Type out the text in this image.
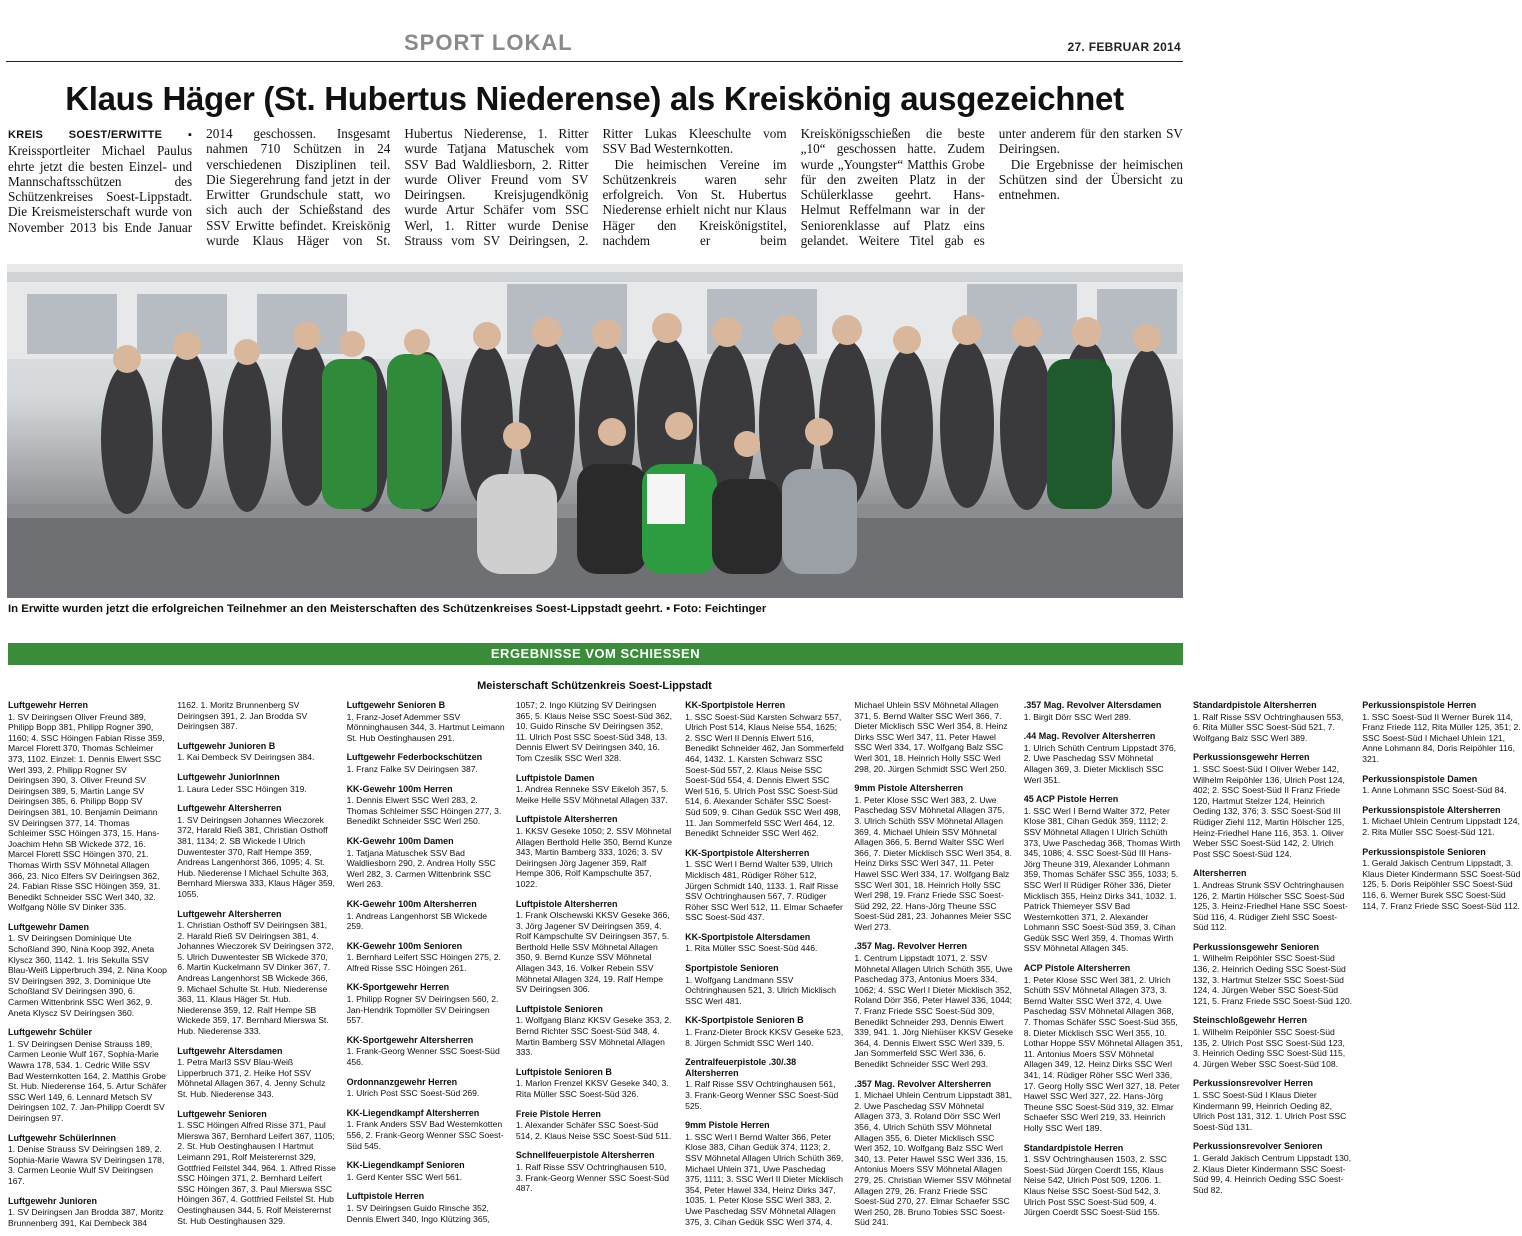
SPORT LOKAL	27. FEBRUAR 2014
Klaus Häger (St. Hubertus Niederense) als Kreiskönig ausgezeichnet

KREIS SOEST/ERWITTE ▪ Kreissportleiter Michael Paulus ehrte jetzt die besten Einzel- und Mannschaftsschützen des Schützenkreises Soest-Lippstadt. Die Kreismeisterschaft wurde von November 2013 bis Ende Januar 2014 geschossen. Insgesamt nahmen 710 Schützen in 24 verschiedenen Disziplinen teil. Die Siegerehrung fand jetzt in der Erwitter Grundschule statt, wo sich auch der Schießstand des SSV Erwitte befindet. Kreiskönig wurde Klaus Häger von St. Hubertus Niederense, 1. Ritter wurde Tatjana Matuschek vom SSV Bad Waldliesborn, 2. Ritter wurde Oliver Freund vom SV Deiringsen. Kreisjugendkönig wurde Artur Schäfer vom SSC Werl, 1. Ritter wurde Denise Strauss vom SV Deiringsen, 2. Ritter Lukas Kleeschulte vom SSV Bad Westernkotten.

Die heimischen Vereine im Schützenkreis waren sehr erfolgreich. Von St. Hubertus Niederense erhielt nicht nur Klaus Häger den Kreiskönigstitel, nachdem er beim Kreiskönigsschießen die beste „10“ geschossen hatte. Zudem wurde „Youngster“ Matthis Grobe für den zweiten Platz in der Schülerklasse geehrt. Hans-Helmut Reffelmann war in der Seniorenklasse auf Platz eins gelandet. Weitere Titel gab es unter anderem für den starken SV Deiringsen.

Die Ergebnisse der heimischen Schützen sind der Übersicht zu entnehmen.

In Erwitte wurden jetzt die erfolgreichen Teilnehmer an den Meisterschaften des Schützenkreises Soest-Lippstadt geehrt. ▪ Foto: Feichtinger
ERGEBNISSE VOM SCHIESSEN
Meisterschaft Schützenkreis Soest-Lippstadt
Luftgewehr Herren

1. SV Deiringsen Oliver Freund 389, Philipp Bopp 381, Philipp Rogner 390, 1160; 4. SSC Höingen Fabian Risse 359, Marcel Florett 370, Thomas Schleimer 373, 1102. Einzel: 1. Dennis Elwert SSC Werl 393, 2. Philipp Rogner SV Deiringsen 390, 3. Oliver Freund SV Deiringsen 389, 5. Martin Lange SV Deiringsen 385, 6. Philipp Bopp SV Deiringsen 381, 10. Benjamin Deimann SV Deiringsen 377, 14. Thomas Schleimer SSC Höingen 373, 15. Hans-Joachim Hehn SB Wickede 372, 16. Marcel Florett SSC Höingen 370, 21. Thomas Wirth SSV Möhnetal Allagen 366, 23. Nico Elfers SV Deiringsen 362, 24. Fabian Risse SSC Höingen 359, 31. Benedikt Schneider SSC Werl 340, 32. Wolfgang Nölle SV Dinker 335.

Luftgewehr Damen

1. SV Deiringsen Dominique Ute Schoßland 390, Nina Koop 392, Aneta Klyscz 360, 1142. 1. Iris Sekulla SSV Blau-Weiß Lipperbruch 394, 2. Nina Koop SV Deiringsen 392, 3. Dominique Ute Schoßland SV Deiringsen 390, 6. Carmen Wittenbrink SSC Werl 362, 9. Aneta Klyscz SV Deiringsen 360.

Luftgewehr Schüler

1. SV Deiringsen Denise Strauss 189, Carmen Leonie Wulf 167, Sophia-Marie Wawra 178, 534. 1. Cedric Wille SSV Bad Westernkotten 164, 2. Matthis Grobe St. Hub. Niederense 164, 5. Artur Schäfer SSC Werl 149, 6. Lennard Metsch SV Deiringsen 102, 7. Jan-Philipp Coerdt SV Deiringsen 97.

Luftgewehr SchülerInnen

1. Denise Strauss SV Deiringsen 189, 2. Sophia-Marie Wawra SV Deiringsen 178, 3. Carmen Leonie Wulf SV Deiringsen 167.

Luftgewehr Junioren

1. SV Deiringsen Jan Brodda 387, Moritz Brunnenberg 391, Kai Dembeck 384 1162. 1. Moritz Brunnenberg SV Deiringsen 391, 2. Jan Brodda SV Deiringsen 387.

Luftgewehr Junioren B

1. Kai Dembeck SV Deiringsen 384.

Luftgewehr JuniorInnen

1. Laura Leder SSC Höingen 319.

Luftgewehr Altersherren

1. SV Deiringsen Johannes Wieczorek 372, Harald Rieß 381, Christian Osthoff 381, 1134; 2. SB Wickede I Ulrich Duwentester 370, Ralf Hempe 359, Andreas Langenhorst 366, 1095; 4. St. Hub. Niederense I Michael Schulte 363, Bernhard Mierswa 333, Klaus Häger 359, 1055.

Luftgewehr Altersherren

1. Christian Osthoff SV Deiringsen 381, 2. Harald Rieß SV Deiringsen 381, 4. Johannes Wieczorek SV Deiringsen 372, 5. Ulrich Duwentester SB Wickede 370, 6. Martin Kuckelmann SV Dinker 367, 7. Andreas Langenhorst SB Wickede 366, 9. Michael Schulte St. Hub. Niederense 363, 11. Klaus Häger St. Hub. Niederense 359, 12. Ralf Hempe SB Wickede 359, 17. Bernhard Mierswa St. Hub. Niederense 333.

Luftgewehr Altersdamen

1. Petra Marl3 SSV Blau-Weiß Lipperbruch 371, 2. Heike Hof SSV Möhnetal Allagen 367, 4. Jenny Schulz St. Hub. Niederense 343.

Luftgewehr Senioren

1. SSC Höingen Alfred Risse 371, Paul Mierswa 367, Bernhard Leifert 367, 1105; 2. St. Hub Oestinghausen I Hartmut Leimann 291, Rolf Meisterernst 329, Gottfried Feilstel 344, 964. 1. Alfred Risse SSC Höingen 371, 2. Bernhard Leifert SSC Höingen 367, 3. Paul Mierswa SSC Höingen 367, 4. Gottfried Feilstel St. Hub Oestinghausen 344, 5. Rolf Meisterernst St. Hub Oestinghausen 329.

Luftgewehr Senioren B

1. Franz-Josef Ademmer SSV Mönninghausen 344, 3. Hartmut Leimann St. Hub Oestinghausen 291.

Luftgewehr Federbockschützen

1. Franz Falke SV Deiringsen 387.

KK-Gewehr 100m Herren

1. Dennis Elwert SSC Werl 283, 2. Thomas Schleimer SSC Höingen 277, 3. Benedikt Schneider SSC Werl 250.

KK-Gewehr 100m Damen

1. Tatjana Matuschek SSV Bad Waldliesborn 290, 2. Andrea Holly SSC Werl 282, 3. Carmen Wittenbrink SSC Werl 263.

KK-Gewehr 100m Altersherren

1. Andreas Langenhorst SB Wickede 259.

KK-Gewehr 100m Senioren

1. Bernhard Leifert SSC Höingen 275, 2. Alfred Risse SSC Höingen 261.

KK-Sportgewehr Herren

1. Philipp Rogner SV Deiringsen 560, 2. Jan-Hendrik Topmöller SV Deiringsen 557.

KK-Sportgewehr Altersherren

1. Frank-Georg Wenner SSC Soest-Süd 456.

Ordonnanzgewehr Herren

1. Ulrich Post SSC Soest-Süd 269.

KK-Liegendkampf Altersherren

1. Frank Anders SSV Bad Westernkotten 556, 2. Frank-Georg Wenner SSC Soest-Süd 545.

KK-Liegendkampf Senioren

1. Gerd Kenter SSC Werl 561.

Luftpistole Herren

1. SV Deiringsen Guido Rinsche 352, Dennis Elwert 340, Ingo Klützing 365, 1057; 2. Ingo Klützing SV Deiringsen 365, 5. Klaus Neise SSC Soest-Süd 362, 10. Guido Rinsche SV Deiringsen 352, 11. Ulrich Post SSC Soest-Süd 348, 13. Dennis Elwert SV Deiringsen 340, 16. Tom Czeslik SSC Werl 328.

Luftpistole Damen

1. Andrea Renneke SSV Eikeloh 357, 5. Meike Helle SSV Möhnetal Allagen 337.

Luftpistole Altersherren

1. KKSV Geseke 1050; 2. SSV Möhnetal Allagen Berthold Helle 350, Bernd Kunze 343, Martin Bamberg 333, 1026; 3. SV Deiringsen Jörg Jagener 359, Ralf Hempe 306, Rolf Kampschulte 357, 1022.

Luftpistole Altersherren

1. Frank Olschewski KKSV Geseke 366, 3. Jörg Jagener SV Deiringsen 359, 4. Rolf Kampschulte SV Deiringsen 357, 5. Berthold Helle SSV Möhnetal Allagen 350, 9. Bernd Kunze SSV Möhnetal Allagen 343, 16. Volker Rebein SSV Möhnetal Allagen 324, 19. Ralf Hempe SV Deiringsen 306.

Luftpistole Senioren

1. Wolfgang Blanz KKSV Geseke 353, 2. Bernd Richter SSC Soest-Süd 348, 4. Martin Bamberg SSV Möhnetal Allagen 333.

Luftpistole Senioren B

1. Marlon Frenzel KKSV Geseke 340, 3. Rita Müller SSC Soest-Süd 326.

Freie Pistole Herren

1. Alexander Schäfer SSC Soest-Süd 514, 2. Klaus Neise SSC Soest-Süd 511.

Schnellfeuerpistole Altersherren

1. Ralf Risse SSV Ochtringhausen 510, 3. Frank-Georg Wenner SSC Soest-Süd 487.

KK-Sportpistole Herren

1. SSC Soest-Süd Karsten Schwarz 557, Ulrich Post 514, Klaus Neise 554, 1625; 2. SSC Werl II Dennis Elwert 516, Benedikt Schneider 462, Jan Sommerfeld 464, 1432. 1. Karsten Schwarz SSC Soest-Süd 557, 2. Klaus Neise SSC Soest-Süd 554, 4. Dennis Elwert SSC Werl 516, 5. Ulrich Post SSC Soest-Süd 514, 6. Alexander Schäfer SSC Soest-Süd 509, 9. Cihan Gedük SSC Werl 498, 11. Jan Sommerfeld SSC Werl 464, 12. Benedikt Schneider SSC Werl 462.

KK-Sportpistole Altersherren

1. SSC Werl I Bernd Walter 539, Ulrich Micklisch 481, Rüdiger Röher 512, Jürgen Schmidt 140, 1133. 1. Ralf Risse SSV Ochtringhausen 567, 7. Rüdiger Röher SSC Werl 512, 11. Elmar Schaefer SSC Soest-Süd 437.

KK-Sportpistole Altersdamen

1. Rita Müller SSC Soest-Süd 446.

Sportpistole Senioren

1. Wolfgang Landmann SSV Ochtringhausen 521, 3. Ulrich Micklisch SSC Werl 481.

KK-Sportpistole Senioren B

1. Franz-Dieter Brock KKSV Geseke 523, 8. Jürgen Schmidt SSC Werl 140.

Zentralfeuerpistole .30/.38 Altersherren

1. Ralf Risse SSV Ochtringhausen 561, 3. Frank-Georg Wenner SSC Soest-Süd 525.

9mm Pistole Herren

1. SSC Werl I Bernd Walter 366, Peter Klose 383, Cihan Gedük 374, 1123; 2. SSV Möhnetal Allagen Ulrich Schüth 369, Michael Uhlein 371, Uwe Paschedag 375, 1111; 3. SSC Werl II Dieter Micklisch 354, Peter Hawel 334, Heinz Dirks 347, 1035. 1. Peter Klose SSC Werl 383, 2. Uwe Paschedag SSV Möhnetal Allagen 375, 3. Cihan Gedük SSC Werl 374, 4. Michael Uhlein SSV Möhnetal Allagen 371, 5. Bernd Walter SSC Werl 366, 7. Dieter Micklisch SSC Werl 354, 8. Heinz Dirks SSC Werl 347, 11. Peter Hawel SSC Werl 334, 17. Wolfgang Balz SSC Werl 301, 18. Heinrich Holly SSC Werl 298, 20. Jürgen Schmidt SSC Werl 250.

9mm Pistole Altersherren

1. Peter Klose SSC Werl 383, 2. Uwe Paschedag SSV Möhnetal Allagen 375, 3. Ulrich Schüth SSV Möhnetal Allagen 369, 4. Michael Uhlein SSV Möhnetal Allagen 366, 5. Bernd Walter SSC Werl 366, 7. Dieter Micklisch SSC Werl 354, 8. Heinz Dirks SSC Werl 347, 11. Peter Hawel SSC Werl 334, 17. Wolfgang Balz SSC Werl 301, 18. Heinrich Holly SSC Werl 298, 19. Franz Friede SSC Soest-Süd 292, 22. Hans-Jörg Theune SSC Soest-Süd 281, 23. Johannes Meier SSC Werl 273.

.357 Mag. Revolver Herren

1. Centrum Lippstadt 1071, 2. SSV Möhnetal Allagen Ulrich Schüth 355, Uwe Paschedag 373, Antonius Moers 334, 1062; 4. SSC Werl I Dieter Micklisch 352, Roland Dörr 356, Peter Hawel 336, 1044; 7. Franz Friede SSC Soest-Süd 309, Benedikt Schneider 293, Dennis Elwert 339, 941. 1. Jörg Niehüser KKSV Geseke 364, 4. Dennis Elwert SSC Werl 339, 5. Jan Sommerfeld SSC Werl 336, 6. Benedikt Schneider SSC Werl 293.

.357 Mag. Revolver Altersherren

1. Michael Uhlein Centrum Lippstadt 381, 2. Uwe Paschedag SSV Möhnetal Allagen 373, 3. Roland Dörr SSC Werl 356, 4. Ulrich Schüth SSV Möhnetal Allagen 355, 6. Dieter Micklisch SSC Werl 352, 10. Wolfgang Balz SSC Werl 340, 13. Peter Hawel SSC Werl 336, 15. Antonius Moers SSV Möhnetal Allagen 279, 25. Christian Wiemer SSV Möhnetal Allagen 279, 26. Franz Friede SSC Soest-Süd 270, 27. Elmar Schaefer SSC Werl 250, 28. Bruno Tobies SSC Soest-Süd 241.

.357 Mag. Revolver Altersdamen

1. Birgit Dörr SSC Werl 289.

.44 Mag. Revolver Altersherren

1. Ulrich Schüth Centrum Lippstadt 376, 2. Uwe Paschedag SSV Möhnetal Allagen 369, 3. Dieter Micklisch SSC Werl 351.

45 ACP Pistole Herren

1. SSC Werl I Bernd Walter 372, Peter Klose 381, Cihan Gedük 359, 1112; 2. SSV Möhnetal Allagen I Ulrich Schüth 373, Uwe Paschedag 368, Thomas Wirth 345, 1086; 4. SSC Soest-Süd III Hans-Jörg Theune 319, Alexander Lohmann 359, Thomas Schäfer SSC 355, 1033; 5. SSC Werl II Rüdiger Röher 336, Dieter Micklisch 355, Heinz Dirks 341, 1032. 1. Patrick Thiemeyer SSV Bad Westernkotten 371, 2. Alexander Lohmann SSC Soest-Süd 359, 3. Cihan Gedük SSC Werl 359, 4. Thomas Wirth SSV Möhnetal Allagen 345.

ACP Pistole Altersherren

1. Peter Klose SSC Werl 381, 2. Ulrich Schüth SSV Möhnetal Allagen 373, 3. Bernd Walter SSC Werl 372, 4. Uwe Paschedag SSV Möhnetal Allagen 368, 7. Thomas Schäfer SSC Soest-Süd 355, 8. Dieter Micklisch SSC Werl 355, 10. Lothar Hoppe SSV Möhnetal Allagen 351, 11. Antonius Moers SSV Möhnetal Allagen 349, 12. Heinz Dirks SSC Werl 341, 14. Rüdiger Röher SSC Werl 336, 17. Georg Holly SSC Werl 327, 18. Peter Hawel SSC Werl 327, 22. Hans-Jörg Theune SSC Soest-Süd 319, 32. Elmar Schaefer SSC Werl 219, 33. Heinrich Holly SSC Werl 189.

Standardpistole Herren

1. SSV Ochtringhausen 1503, 2. SSC Soest-Süd Jürgen Coerdt 155, Klaus Neise 542, Ulrich Post 509, 1206. 1. Klaus Neise SSC Soest-Süd 542, 3. Ulrich Post SSC Soest-Süd 509, 4. Jürgen Coerdt SSC Soest-Süd 155.

Standardpistole Altersherren

1. Ralf Risse SSV Ochtringhausen 553, 6. Rita Müller SSC Soest-Süd 521, 7. Wolfgang Balz SSC Werl 389.

Perkussionsgewehr Herren

1. SSC Soest-Süd I Oliver Weber 142, Wilhelm Reipöhler 136, Ulrich Post 124, 402; 2. SSC Soest-Süd II Franz Friede 120, Hartmut Stelzer 124, Heinrich Oeding 132, 376; 3. SSC Soest-Süd III Rüdiger Ziehl 112, Martin Hölscher 125, Heinz-Friedhel Hane 116, 353. 1. Oliver Weber SSC Soest-Süd 142, 2. Ulrich Post SSC Soest-Süd 124.

Altersherren

1. Andreas Strunk SSV Ochtringhausen 126, 2. Martin Hölscher SSC Soest-Süd 125, 3. Heinz-Friedhel Hane SSC Soest-Süd 116, 4. Rüdiger Ziehl SSC Soest-Süd 112.

Perkussionsgewehr Senioren

1. Wilhelm Reipöhler SSC Soest-Süd 136, 2. Heinrich Oeding SSC Soest-Süd 132, 3. Hartmut Stelzer SSC Soest-Süd 124, 4. Jürgen Weber SSC Soest-Süd 121, 5. Franz Friede SSC Soest-Süd 120.

Steinschloßgewehr Herren

1. Wilhelm Reipöhler SSC Soest-Süd 135, 2. Ulrich Post SSC Soest-Süd 123, 3. Heinrich Oeding SSC Soest-Süd 115, 4. Jürgen Weber SSC Soest-Süd 108.

Perkussionsrevolver Herren

1. SSC Soest-Süd I Klaus Dieter Kindermann 99, Heinrich Oeding 82, Ulrich Post 131, 312. 1. Ulrich Post SSC Soest-Süd 131.

Perkussionsrevolver Senioren

1. Gerald Jakisch Centrum Lippstadt 130, 2. Klaus Dieter Kindermann SSC Soest-Süd 99, 4. Heinrich Oeding SSC Soest-Süd 82.

Perkussionspistole Herren

1. SSC Soest-Süd II Werner Burek 114, Franz Friede 112, Rita Müller 125, 351; 2. SSC Soest-Süd I Michael Uhlein 121, Anne Lohmann 84, Doris Reipöhler 116, 321.

Perkussionspistole Damen

1. Anne Lohmann SSC Soest-Süd 84.

Perkussionspistole Altersherren

1. Michael Uhlein Centrum Lippstadt 124, 2. Rita Müller SSC Soest-Süd 121.

Perkussionspistole Senioren

1. Gerald Jakisch Centrum Lippstadt, 3. Klaus Dieter Kindermann SSC Soest-Süd 125, 5. Doris Reipöhler SSC Soest-Süd 116, 6. Werner Burek SSC Soest-Süd 114, 7. Franz Friede SSC Soest-Süd 112.
